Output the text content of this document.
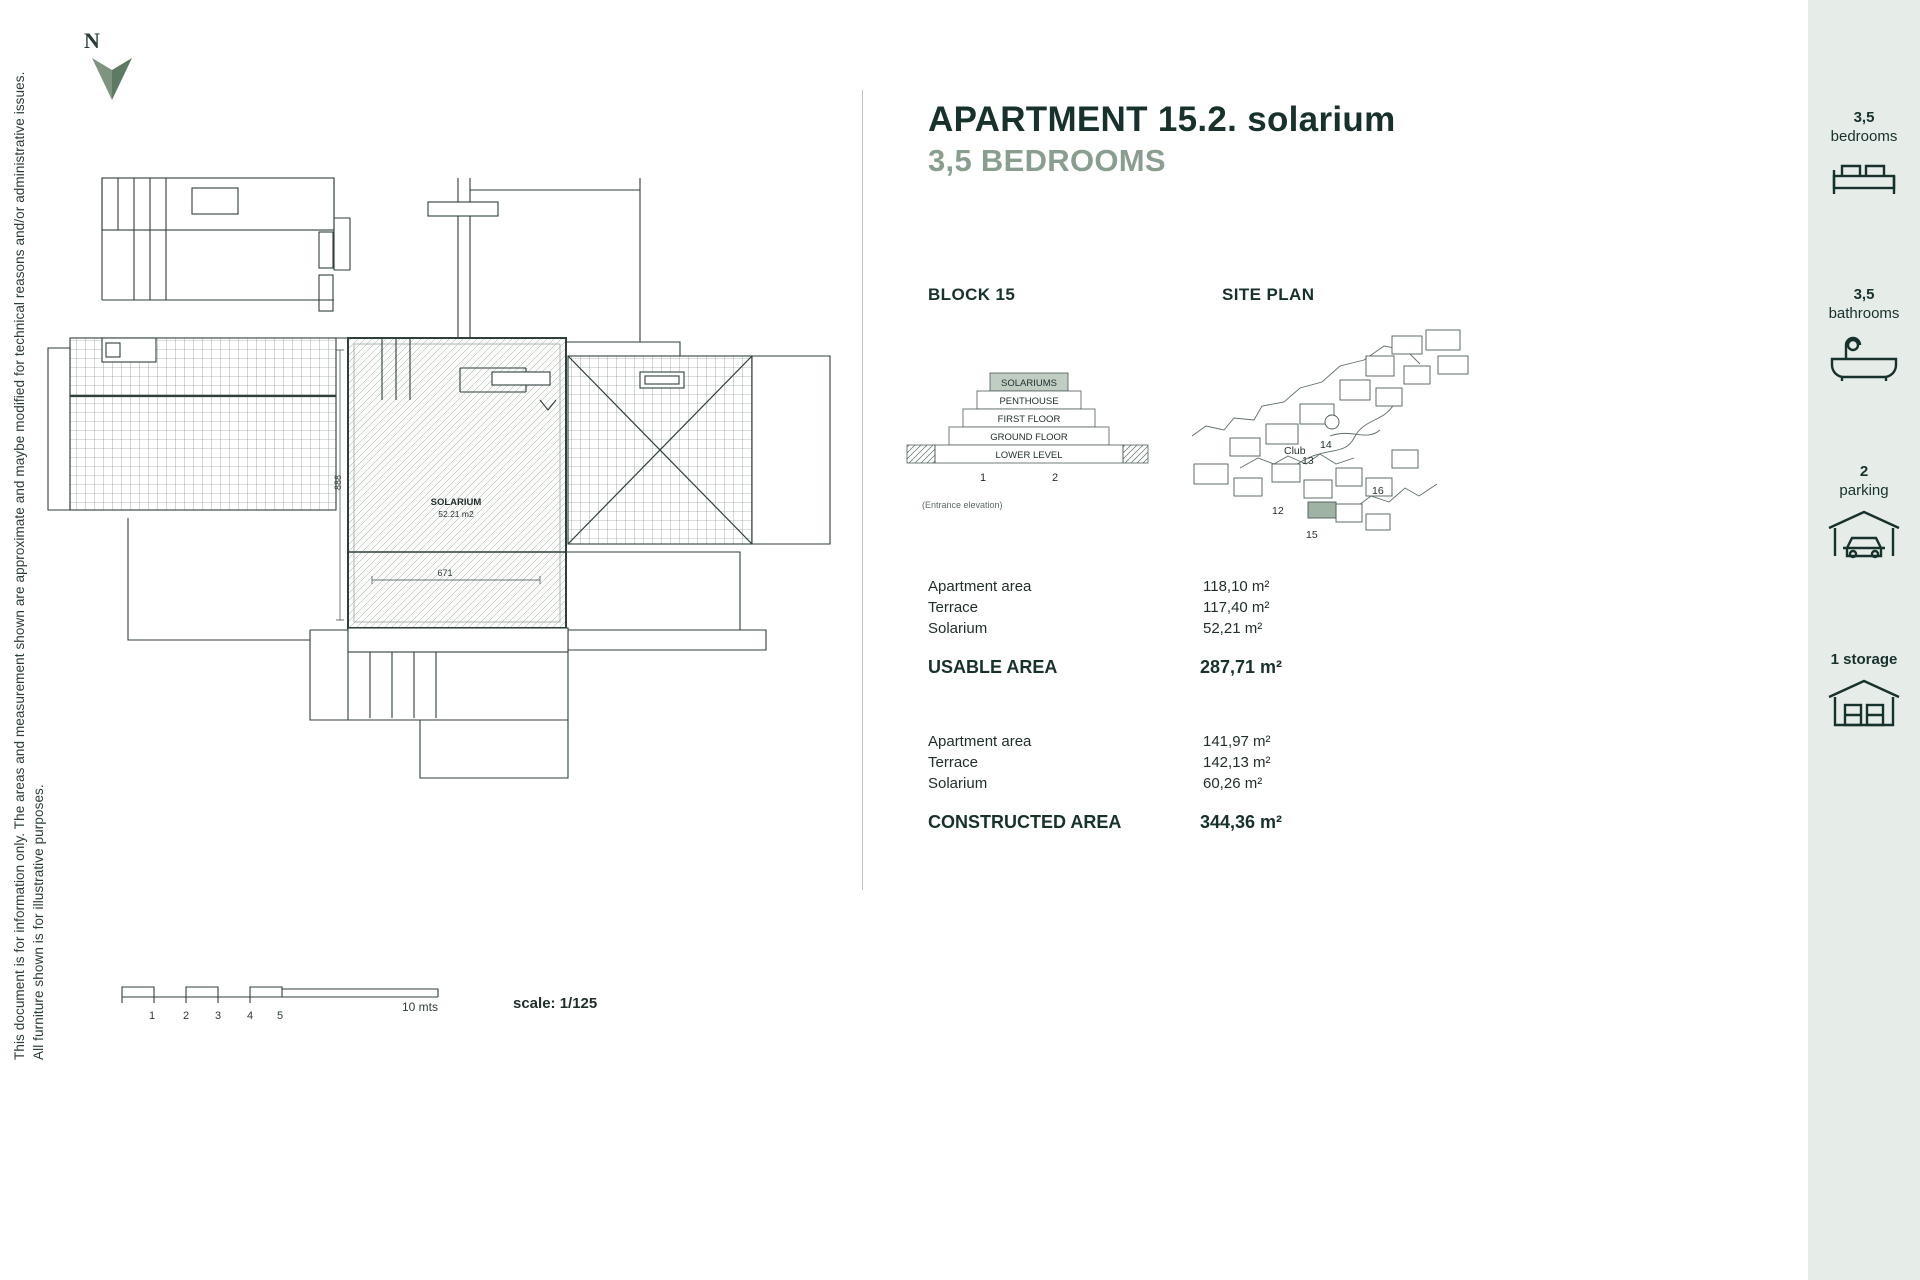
This document is for information only. The areas and measurement shown are approximate and maybe modified for technical reasons and/or administrative issues. All furniture shown is for illustrative purposes.
N
888
671
SOLARIUM
52.21 m2
1	2 3 4 5
10 mts	scale: 1/125
APARTMENT 15.2. solarium
3,5 BEDROOMS
BLOCK 15	SITE PLAN
SOLARIUMS
PENTHOUSE
FIRST FLOOR
GROUND FLOOR
LOWER LEVEL
1	2
(Entrance elevation)
Club 14
13
16
12
15
Apartment area	118,10 m²
Terrace	117,40 m²
Solarium	52,21 m²
USABLE AREA	287,71 m²
Apartment area	141,97 m²
Terrace	142,13 m²
Solarium	60,26 m²
CONSTRUCTED AREA	344,36 m²
3,5
bedrooms
3,5
bathrooms
2
parking
1 storage
